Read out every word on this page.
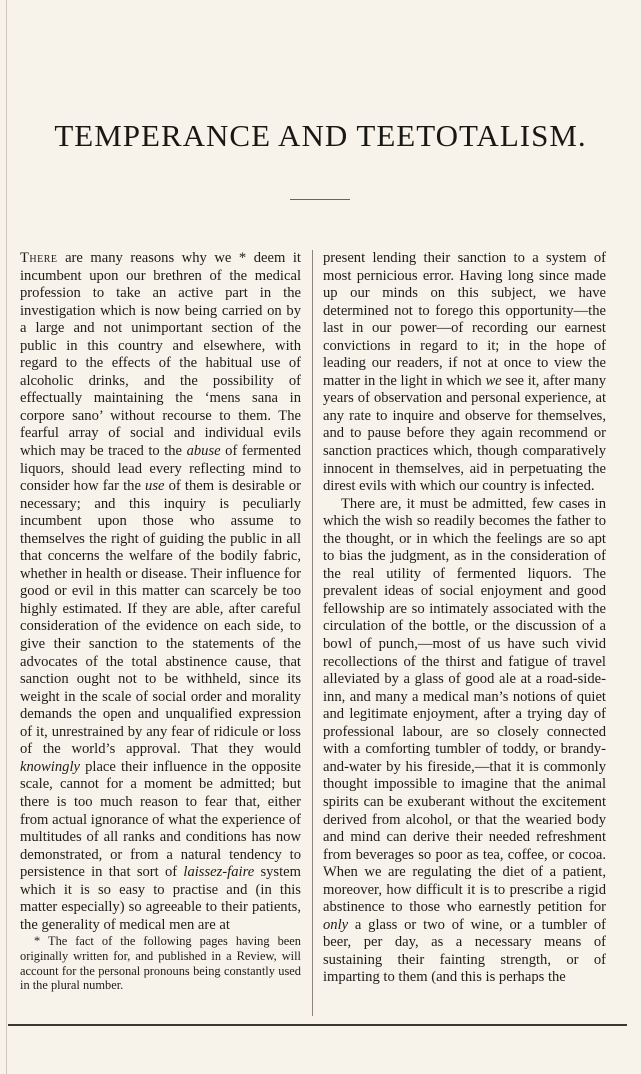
TEMPERANCE AND TEETOTALISM.

There are many reasons why we * deem it incumbent upon our brethren of the medical profession to take an active part in the investigation which is now being carried on by a large and not unimportant section of the public in this country and elsewhere, with regard to the effects of the habitual use of alcoholic drinks, and the possibility of effectually maintaining the ‘mens sana in corpore sano’ without recourse to them. The fearful array of social and individual evils which may be traced to the abuse of fermented liquors, should lead every reflecting mind to consider how far the use of them is desirable or necessary; and this inquiry is peculiarly incumbent upon those who assume to themselves the right of guiding the public in all that concerns the welfare of the bodily fabric, whether in health or disease. Their influence for good or evil in this matter can scarcely be too highly estimated. If they are able, after careful consideration of the evidence on each side, to give their sanction to the statements of the advocates of the total abstinence cause, that sanction ought not to be withheld, since its weight in the scale of social order and morality demands the open and unqualified expression of it, unrestrained by any fear of ridicule or loss of the world’s approval. That they would knowingly place their influence in the opposite scale, cannot for a moment be admitted; but there is too much reason to fear that, either from actual ignorance of what the experience of multitudes of all ranks and conditions has now demonstrated, or from a natural tendency to persistence in that sort of laissez-faire system which it is so easy to practise and (in this matter especially) so agreeable to their patients, the generality of medical men are at

* The fact of the following pages having been originally written for, and published in a Review, will account for the personal pronouns being constantly used in the plural number.

present lending their sanction to a system of most pernicious error. Having long since made up our minds on this subject, we have determined not to forego this opportunity—the last in our power—of recording our earnest convictions in regard to it; in the hope of leading our readers, if not at once to view the matter in the light in which we see it, after many years of observation and personal experience, at any rate to inquire and observe for themselves, and to pause before they again recommend or sanction practices which, though comparatively innocent in themselves, aid in perpetuating the direst evils with which our country is infected.

There are, it must be admitted, few cases in which the wish so readily becomes the father to the thought, or in which the feelings are so apt to bias the judgment, as in the consideration of the real utility of fermented liquors. The prevalent ideas of social enjoyment and good fellowship are so intimately associated with the circulation of the bottle, or the discussion of a bowl of punch,—most of us have such vivid recollections of the thirst and fatigue of travel alleviated by a glass of good ale at a road-side-inn, and many a medical man’s notions of quiet and legitimate enjoyment, after a trying day of professional labour, are so closely connected with a comforting tumbler of toddy, or brandy-and-water by his fireside,—that it is commonly thought impossible to imagine that the animal spirits can be exuberant without the excitement derived from alcohol, or that the wearied body and mind can derive their needed refreshment from beverages so poor as tea, coffee, or cocoa. When we are regulating the diet of a patient, moreover, how difficult it is to prescribe a rigid abstinence to those who earnestly petition for only a glass or two of wine, or a tumbler of beer, per day, as a necessary means of sustaining their fainting strength, or of imparting to them (and this is perhaps the
